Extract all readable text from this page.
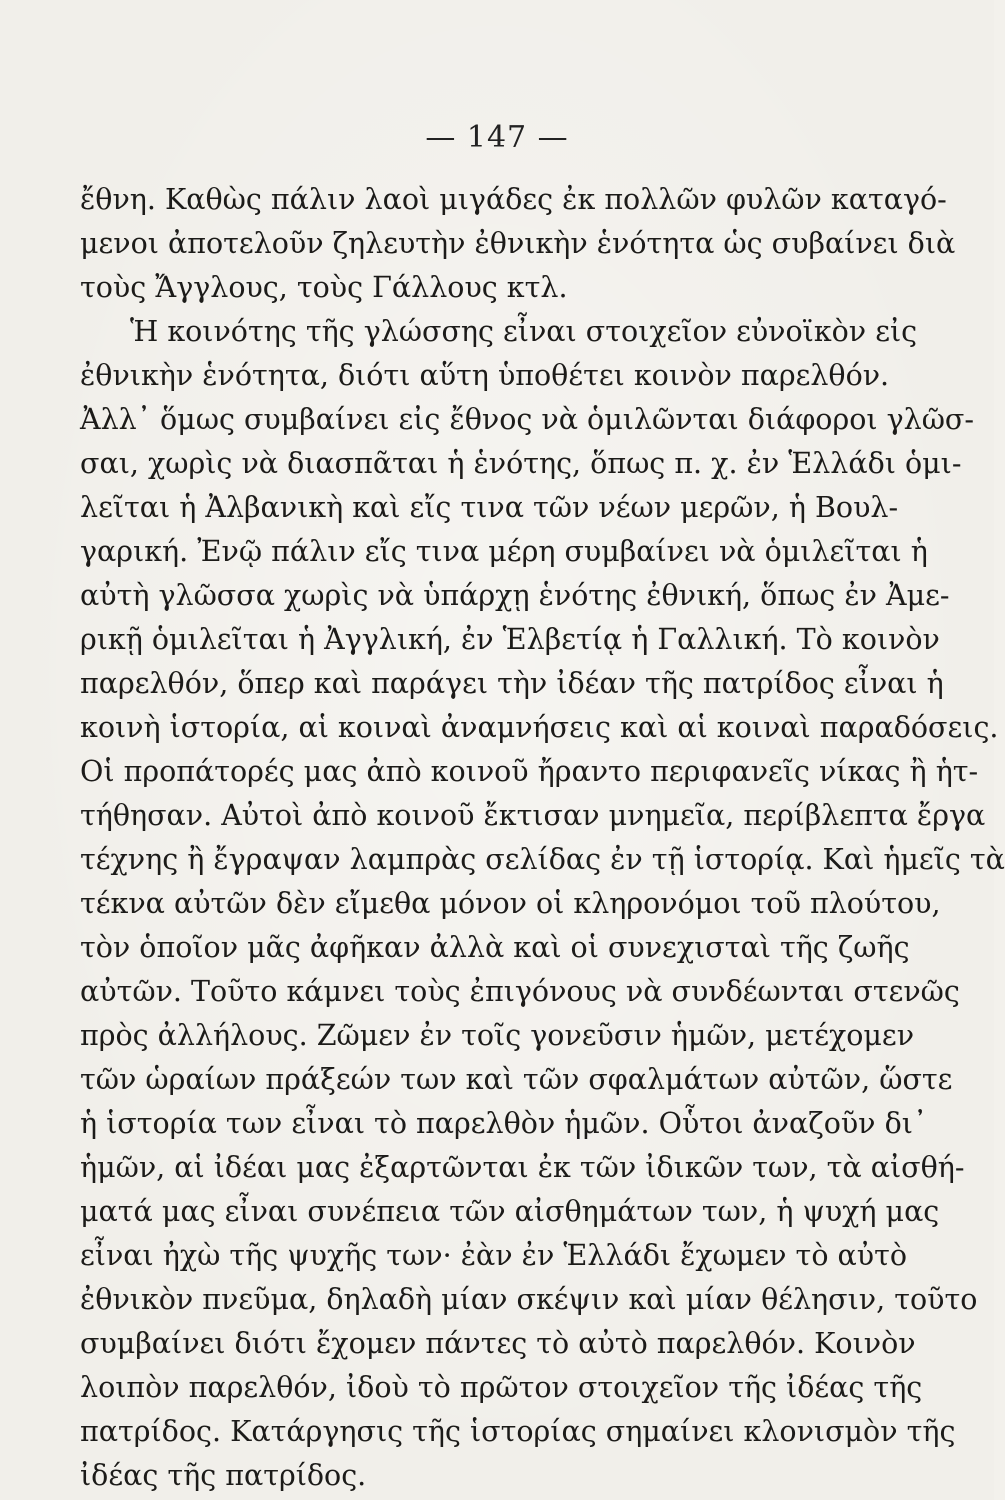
— 147 —
ἔθνη. Καθὼς πάλιν λαοὶ μιγάδες ἐκ πολλῶν φυλῶν καταγό-
μενοι ἀποτελοῦν ζηλευτὴν ἐθνικὴν ἑνότητα ὡς συβαίνει διὰ
τοὺς Ἄγγλους, τοὺς Γάλλους κτλ.
Ἡ κοινότης τῆς γλώσσης εἶναι στοιχεῖον εὐνοϊκὸν εἰς
ἐθνικὴν ἑνότητα, διότι αὕτη ὑποθέτει κοινὸν παρελθόν.
Ἀλλ᾽ ὅμως συμβαίνει εἰς ἔθνος νὰ ὁμιλῶνται διάφοροι γλῶσ-
σαι, χωρὶς νὰ διασπᾶται ἡ ἑνότης, ὅπως π. χ. ἐν Ἑλλάδι ὁμι-
λεῖται ἡ Ἀλβανικὴ καὶ εἴς τινα τῶν νέων μερῶν, ἡ Βουλ-
γαρική. Ἐνῷ πάλιν εἴς τινα μέρη συμβαίνει νὰ ὁμιλεῖται ἡ
αὐτὴ γλῶσσα χωρὶς νὰ ὑπάρχῃ ἑνότης ἐθνική, ὅπως ἐν Ἀμε-
ρικῇ ὁμιλεῖται ἡ Ἀγγλική, ἐν Ἑλβετίᾳ ἡ Γαλλική. Τὸ κοινὸν
παρελθόν, ὅπερ καὶ παράγει τὴν ἰδέαν τῆς πατρίδος εἶναι ἡ
κοινὴ ἱστορία, αἱ κοιναὶ ἀναμνήσεις καὶ αἱ κοιναὶ παραδόσεις.
Οἱ προπάτορές μας ἀπὸ κοινοῦ ἤραντο περιφανεῖς νίκας ἢ ἡτ-
τήθησαν. Αὐτοὶ ἀπὸ κοινοῦ ἔκτισαν μνημεῖα, περίβλεπτα ἔργα
τέχνης ἢ ἔγραψαν λαμπρὰς σελίδας ἐν τῇ ἱστορίᾳ. Καὶ ἡμεῖς τὰ
τέκνα αὐτῶν δὲν εἴμεθα μόνον οἱ κληρονόμοι τοῦ πλούτου,
τὸν ὁποῖον μᾶς ἀφῆκαν ἀλλὰ καὶ οἱ συνεχισταὶ τῆς ζωῆς
αὐτῶν. Τοῦτο κάμνει τοὺς ἐπιγόνους νὰ συνδέωνται στενῶς
πρὸς ἀλλήλους. Ζῶμεν ἐν τοῖς γονεῦσιν ἡμῶν, μετέχομεν
τῶν ὡραίων πράξεών των καὶ τῶν σφαλμάτων αὐτῶν, ὥστε
ἡ ἱστορία των εἶναι τὸ παρελθὸν ἡμῶν. Οὗτοι ἀναζοῦν δι᾽
ἡμῶν, αἱ ἰδέαι μας ἐξαρτῶνται ἐκ τῶν ἰδικῶν των, τὰ αἰσθή-
ματά μας εἶναι συνέπεια τῶν αἰσθημάτων των, ἡ ψυχή μας
εἶναι ἠχὼ τῆς ψυχῆς των· ἐὰν ἐν Ἑλλάδι ἔχωμεν τὸ αὐτὸ
ἐθνικὸν πνεῦμα, δηλαδὴ μίαν σκέψιν καὶ μίαν θέλησιν, τοῦτο
συμβαίνει διότι ἔχομεν πάντες τὸ αὐτὸ παρελθόν. Κοινὸν
λοιπὸν παρελθόν, ἰδοὺ τὸ πρῶτον στοιχεῖον τῆς ἰδέας τῆς
πατρίδος. Κατάργησις τῆς ἱστορίας σημαίνει κλονισμὸν τῆς
ἰδέας τῆς πατρίδος.
